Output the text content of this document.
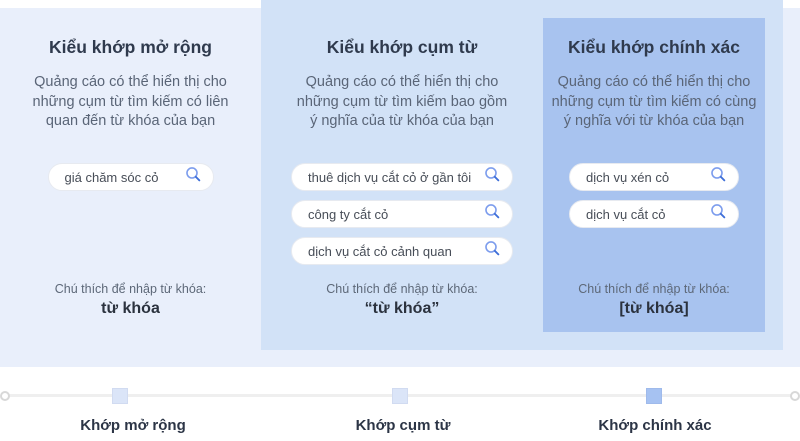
Kiểu khớp mở rộng
Quảng cáo có thể hiển thị cho
những cụm từ tìm kiếm có liên
quan đến từ khóa của bạn
giá chăm sóc cỏ
Chú thích để nhập từ khóa:
từ khóa
Kiểu khớp cụm từ
Quảng cáo có thể hiển thị cho
những cụm từ tìm kiếm bao gồm
ý nghĩa của từ khóa của bạn
thuê dịch vụ cắt cỏ ở gần tôi
công ty cắt cỏ
dịch vụ cắt cỏ cảnh quan
Chú thích để nhập từ khóa:
“từ khóa”
Kiểu khớp chính xác
Quảng cáo có thể hiển thị cho
những cụm từ tìm kiếm có cùng
ý nghĩa với từ khóa của bạn
dịch vụ xén cỏ
dịch vụ cắt cỏ
Chú thích để nhập từ khóa:
[từ khóa]
Khớp mở rộng	Khớp cụm từ	Khớp chính xác
